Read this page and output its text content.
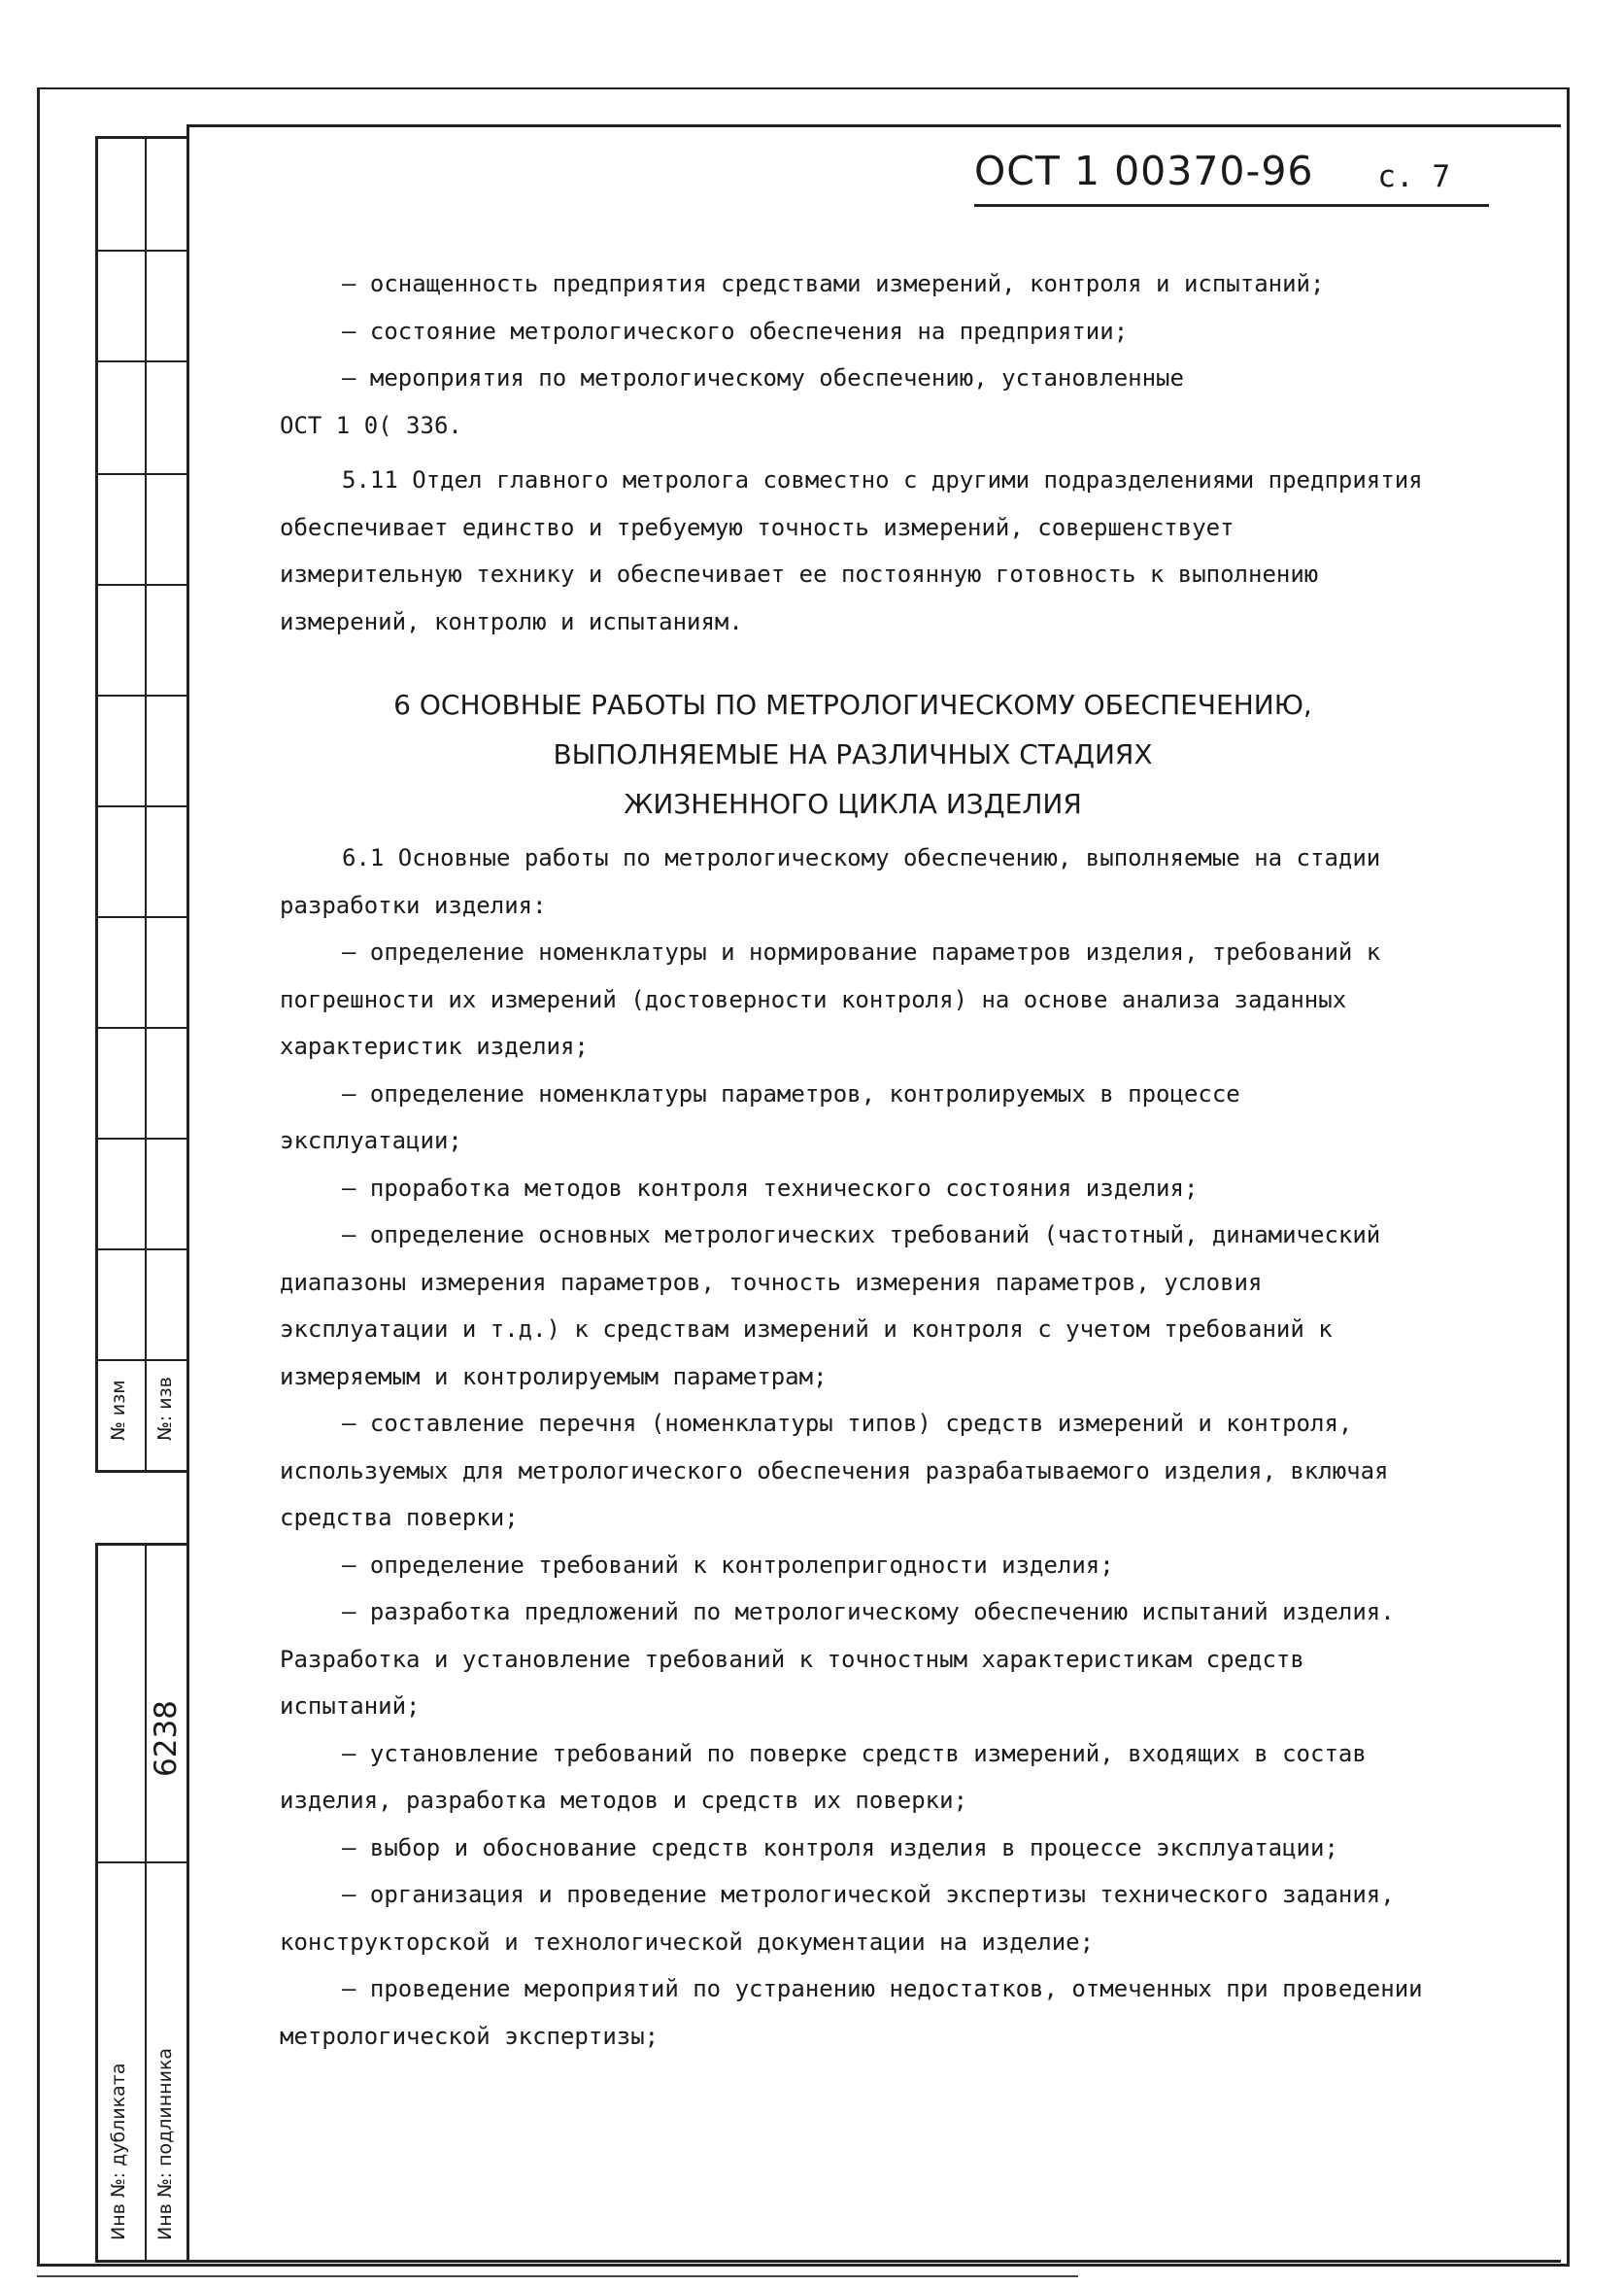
№ изм №: изв
6238
Инв №: дубликата Инв №: подлинника
ОСТ 1 00370-96 с. 7

– оснащенность предприятия средствами измерений, контроля и испытаний;

– состояние метрологического обеспечения на предприятии;

– мероприятия по метрологическому обеспечению, установленные

ОСТ 1 0( 336.

5.11 Отдел главного метролога совместно с другими подразделениями предприятия обеспечивает единство и требуемую точность измерений, совершенствует измерительную технику и обеспечивает ее постоянную готовность к выполнению измерений, контролю и испытаниям.

6 ОСНОВНЫЕ РАБОТЫ ПО МЕТРОЛОГИЧЕСКОМУ ОБЕСПЕЧЕНИЮ,
ВЫПОЛНЯЕМЫЕ НА РАЗЛИЧНЫХ СТАДИЯХ
ЖИЗНЕННОГО ЦИКЛА ИЗДЕЛИЯ

6.1 Основные работы по метрологическому обеспечению, выполняемые на стадии разработки изделия:

– определение номенклатуры и нормирование параметров изделия, требований к погрешности их измерений (достоверности контроля) на основе анализа заданных характеристик изделия;

– определение номенклатуры параметров, контролируемых в процессе эксплуатации;

– проработка методов контроля технического состояния изделия;

– определение основных метрологических требований (частотный, динамический диапазоны измерения параметров, точность измерения параметров, условия эксплуатации и т.д.) к средствам измерений и контроля с учетом требований к измеряемым и контролируемым параметрам;

– составление перечня (номенклатуры типов) средств измерений и контроля, используемых для метрологического обеспечения разрабатываемого изделия, включая средства поверки;

– определение требований к контролепригодности изделия;

– разработка предложений по метрологическому обеспечению испытаний изделия. Разработка и установление требований к точностным характеристикам средств испытаний;

– установление требований по поверке средств измерений, входящих в состав изделия, разработка методов и средств их поверки;

– выбор и обоснование средств контроля изделия в процессе эксплуатации;

– организация и проведение метрологической экспертизы технического задания, конструкторской и технологической документации на изделие;

– проведение мероприятий по устранению недостатков, отмеченных при проведении метрологической экспертизы;
